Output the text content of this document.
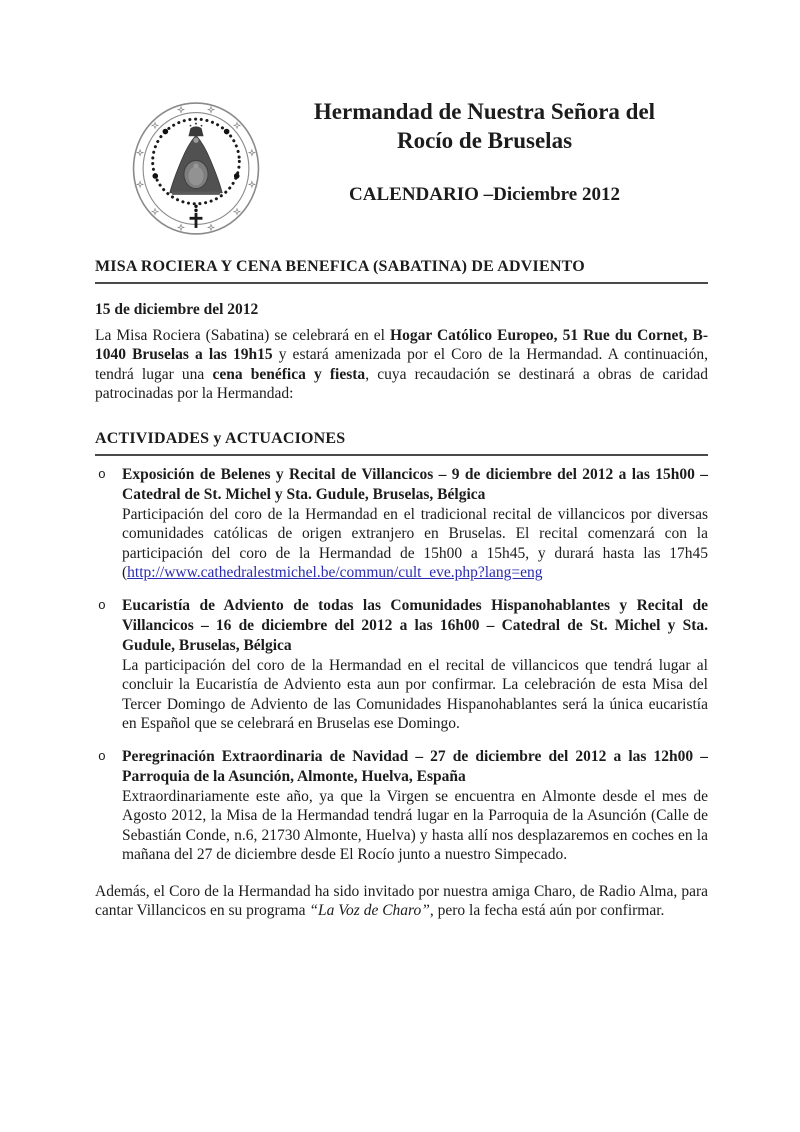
Hermandad de Nuestra Señora del
Rocío de Bruselas
CALENDARIO –Diciembre 2012
MISA ROCIERA Y CENA BENEFICA (SABATINA) DE ADVIENTO

15 de diciembre del 2012

La Misa Rociera (Sabatina) se celebrará en el Hogar Católico Europeo, 51 Rue du Cornet, B-1040 Bruselas a las 19h15 y estará amenizada por el Coro de la Hermandad. A continuación, tendrá lugar una cena benéfica y fiesta, cuya recaudación se destinará a obras de caridad patrocinadas por la Hermandad:

ACTIVIDADES y ACTUACIONES
o	Exposición de Belenes y Recital de Villancicos – 9 de diciembre del 2012 a las 15h00 – Catedral de St. Michel y Sta. Gudule, Bruselas, Bélgica
Participación del coro de la Hermandad en el tradicional recital de villancicos por diversas comunidades católicas de origen extranjero en Bruselas. El recital comenzará con la participación del coro de la Hermandad de 15h00 a 15h45, y durará hasta las 17h45 (http://www.cathedralestmichel.be/commun/cult_eve.php?lang=eng
o	Eucaristía de Adviento de todas las Comunidades Hispanohablantes y Recital de Villancicos – 16 de diciembre del 2012 a las 16h00 – Catedral de St. Michel y Sta. Gudule, Bruselas, Bélgica
La participación del coro de la Hermandad en el recital de villancicos que tendrá lugar al concluir la Eucaristía de Adviento esta aun por confirmar. La celebración de esta Misa del Tercer Domingo de Adviento de las Comunidades Hispanohablantes será la única eucaristía en Español que se celebrará en Bruselas ese Domingo.
o	Peregrinación Extraordinaria de Navidad – 27 de diciembre del 2012 a las 12h00 – Parroquia de la Asunción, Almonte, Huelva, España
Extraordinariamente este año, ya que la Virgen se encuentra en Almonte desde el mes de Agosto 2012, la Misa de la Hermandad tendrá lugar en la Parroquia de la Asunción (Calle de Sebastián Conde, n.6, 21730 Almonte, Huelva) y hasta allí nos desplazaremos en coches en la mañana del 27 de diciembre desde El Rocío junto a nuestro Simpecado.

Además, el Coro de la Hermandad ha sido invitado por nuestra amiga Charo, de Radio Alma, para cantar Villancicos en su programa “La Voz de Charo”, pero la fecha está aún por confirmar.
